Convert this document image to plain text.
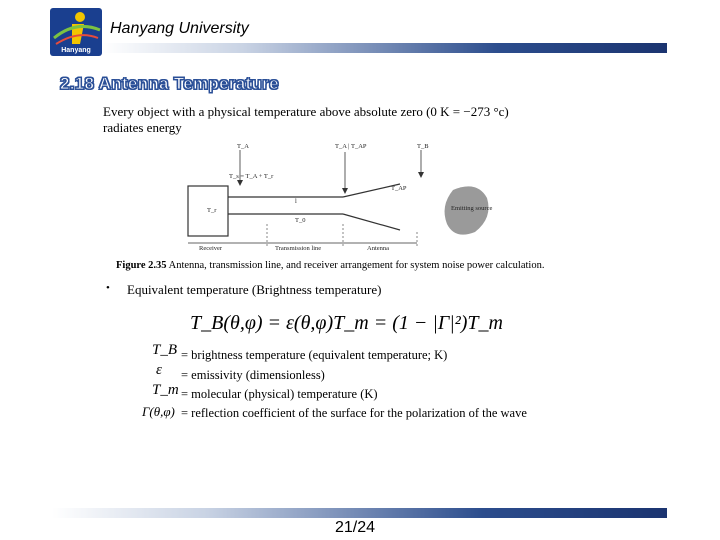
Hanyang
Hanyang University
2.18 Antenna Temperature
Every object with a physical temperature above absolute zero (0 K = −273 °c)
radiates energy
T_A	T_A | T_AP	T_B
T_s = T_A + T_r
T_r
T_0
l
T_AP
Emitting source
Receiver	Transmission line	Antenna
Figure 2.35 Antenna, transmission line, and receiver arrangement for system noise power calculation.
• Equivalent temperature (Brightness temperature)
T_B(θ,φ) = ε(θ,φ)T_m = (1 − |Γ|²)T_m
T_B = brightness temperature (equivalent temperature; K)
ε = emissivity (dimensionless)
T_m = molecular (physical) temperature (K)
Γ(θ,φ) = reflection coefficient of the surface for the polarization of the wave
21/24
